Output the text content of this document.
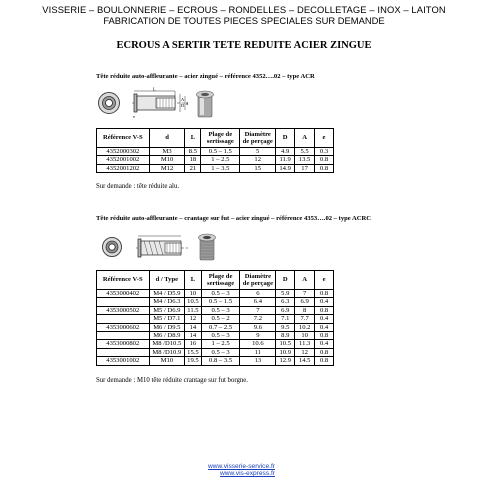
VISSERIE – BOULONNERIE – ECROUS – RONDELLES – DECOLLETAGE – INOX – LAITON
FABRICATION DE TOUTES PIECES SPECIALES SUR DEMANDE
ECROUS A SERTIR TETE REDUITE ACIER ZINGUE
Tête réduite auto-affleurante – acier zingué – référence 4352….02 – type ACR
L
A
D d
e
Référence V-S	d	L	Plage de sertissage	Diamètre de perçage	D	A	e
4352000302	M3	8.5	0.5 – 1.5	5	4.9	5.5	0.3
4352001002	M10	18	1 – 2.5	12	11.9	13.5	0.8
4352001202	M12	21	1 – 3.5	15	14.9	17	0.8
Sur demande : tête réduite alu.
Tête réduite auto-affleurante – crantage sur fut – acier zingué – référence 4353….02 – type ACRC
Référence V-S	d / Type	L	Plage de sertissage	Diamètre de perçage	D	A	e
4353000402	M4 / D5.9	10	0.5 – 3	6	5.9	7	0.8
	M4 / D6.3	10.5	0.5 – 1.5	6.4	6.3	6.9	0.4
4353000502	M5 / D6.9	11.5	0.5 – 3	7	6.9	8	0.8
	M5 / D7.1	12	0.5 – 2	7.2	7.1	7.7	0.4
4353000602	M6 / D9.5	14	0.7 – 2.5	9.6	9.5	10.2	0.4
	M6 / D8.9	14	0.5 – 3	9	8.9	10	0.8
4353000802	M8 /D10.5	16	1 – 2.5	10.6	10.5	11.3	0.4
	M8 /D10.9	15.5	0.5 – 3	11	10.9	12	0.8
4353001002	M10	19.5	0.8 – 3.5	13	12.9	14.5	0.8
Sur demande : M10 tête réduite crantage sur fut borgne.
www.visserie-service.fr
www.vis-express.fr
